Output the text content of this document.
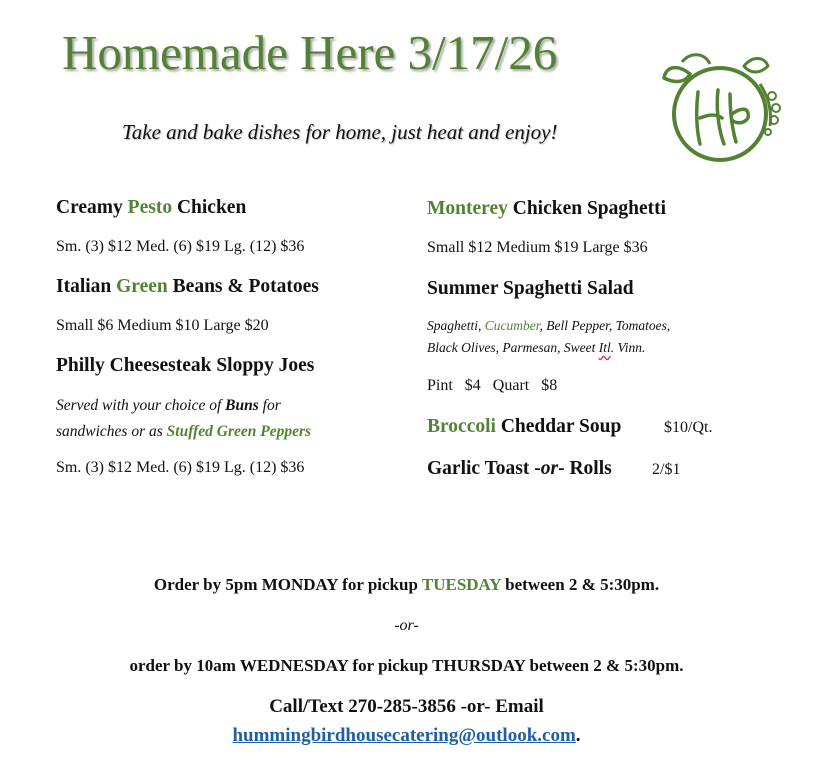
Homemade Here 3/17/26
HH
Take and bake dishes for home, just heat and enjoy!
Creamy Pesto Chicken
Sm. (3) $12 Med. (6) $19 Lg. (12) $36
Italian Green Beans & Potatoes
Small $6 Medium $10 Large $20
Philly Cheesesteak Sloppy Joes
Served with your choice of Buns for
sandwiches or as Stuffed Green Peppers
Sm. (3) $12 Med. (6) $19 Lg. (12) $36
Monterey Chicken Spaghetti
Small $12 Medium $19 Large $36
Summer Spaghetti Salad
Spaghetti, Cucumber, Bell Pepper, Tomatoes,
Black Olives, Parmesan, Sweet Itl. Vinn.
Pint   $4   Quart   $8
Broccoli Cheddar Soup	$10/Qt.
Garlic Toast -or- Rolls	2/$1
Order by 5pm MONDAY for pickup TUESDAY between 2 & 5:30pm.
-or-
order by 10am WEDNESDAY for pickup THURSDAY between 2 & 5:30pm.
Call/Text 270-285-3856 -or- Email
hummingbirdhousecatering@outlook.com.
